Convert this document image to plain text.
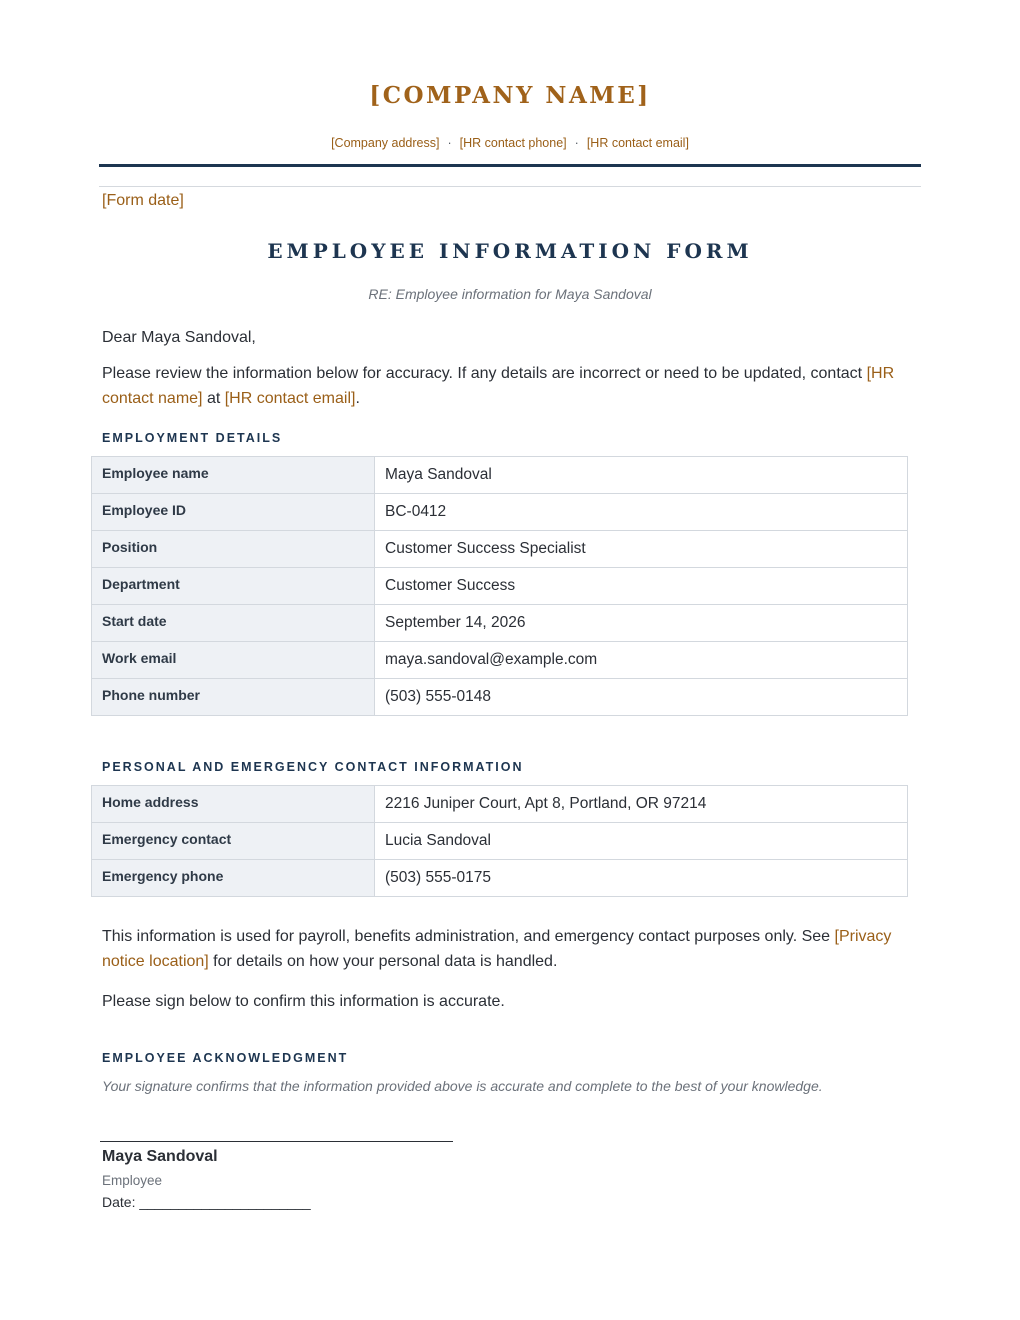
[COMPANY NAME]
[Company address] · [HR contact phone] · [HR contact email]
[Form date]
EMPLOYEE INFORMATION FORM
RE: Employee information for Maya Sandoval
Dear Maya Sandoval,
Please review the information below for accuracy. If any details are incorrect or need to be updated, contact [HR contact name] at [HR contact email].
EMPLOYMENT DETAILS
Employee name	Maya Sandoval
Employee ID	BC-0412
Position	Customer Success Specialist
Department	Customer Success
Start date	September 14, 2026
Work email	maya.sandoval@example.com
Phone number	(503) 555-0148
PERSONAL AND EMERGENCY CONTACT INFORMATION
Home address	2216 Juniper Court, Apt 8, Portland, OR 97214
Emergency contact	Lucia Sandoval
Emergency phone	(503) 555-0175
This information is used for payroll, benefits administration, and emergency contact purposes only. See [Privacy notice location] for details on how your personal data is handled.
Please sign below to confirm this information is accurate.
EMPLOYEE ACKNOWLEDGMENT
Your signature confirms that the information provided above is accurate and complete to the best of your knowledge.
Maya Sandoval
Employee
Date: ______________________
